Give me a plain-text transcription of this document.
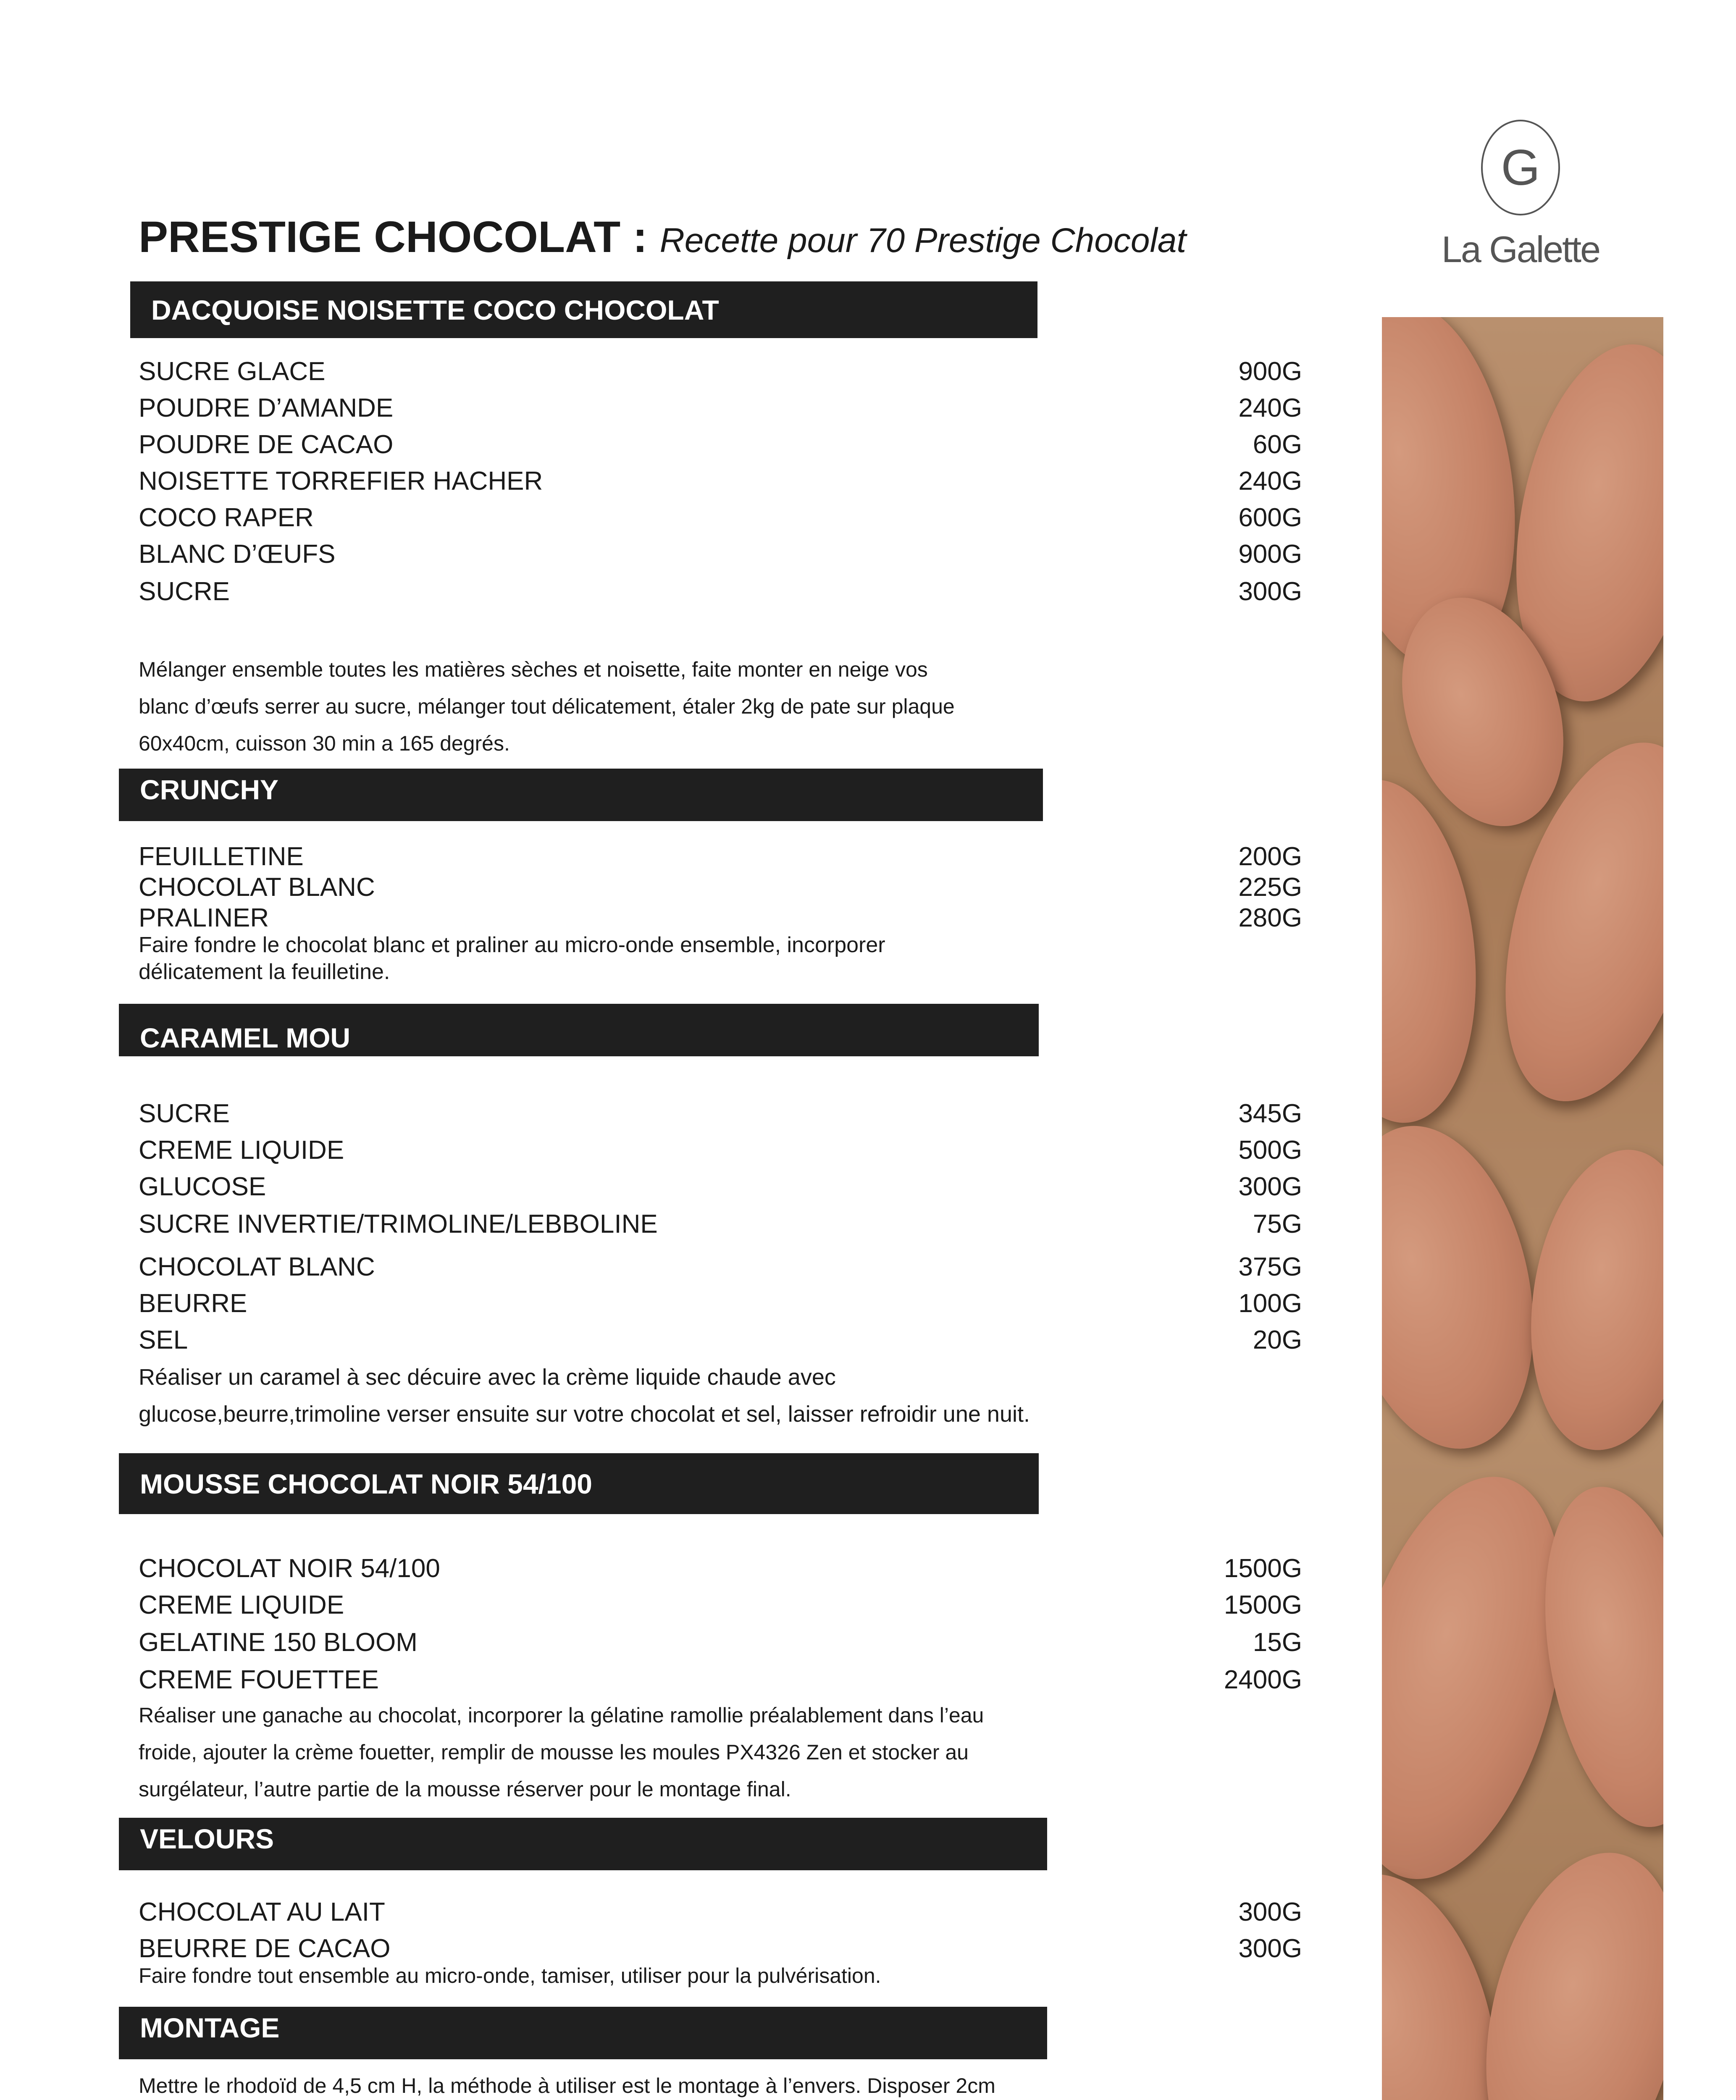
PRESTIGE CHOCOLAT : Recette pour 70 Prestige Chocolat
G
La Galette
DACQUOISE NOISETTE COCO CHOCOLAT
SUCRE GLACE	900G
POUDRE D’AMANDE	240G
POUDRE DE CACAO	60G
NOISETTE TORREFIER HACHER	240G
COCO RAPER	600G
BLANC D’ŒUFS	900G
SUCRE	300G
Mélanger ensemble toutes les matières sèches et noisette, faite monter en neige vos
blanc d’œufs serrer au sucre, mélanger tout délicatement, étaler 2kg de pate sur plaque
60x40cm, cuisson 30 min a 165 degrés.
CRUNCHY
FEUILLETINE	200G
CHOCOLAT BLANC	225G
PRALINER	280G
Faire fondre le chocolat blanc et praliner au micro-onde ensemble, incorporer
délicatement la feuilletine.
CARAMEL MOU
SUCRE	345G
CREME LIQUIDE	500G
GLUCOSE	300G
SUCRE INVERTIE/TRIMOLINE/LEBBOLINE	75G
CHOCOLAT BLANC	375G
BEURRE	100G
SEL	20G
Réaliser un caramel à sec décuire avec la crème liquide chaude avec
glucose,beurre,trimoline verser ensuite sur votre chocolat et sel, laisser refroidir une nuit.
MOUSSE CHOCOLAT NOIR 54/100
CHOCOLAT NOIR 54/100	1500G
CREME LIQUIDE	1500G
GELATINE 150 BLOOM	15G
CREME FOUETTEE	2400G
Réaliser une ganache au chocolat, incorporer la gélatine ramollie préalablement dans l’eau
froide, ajouter la crème fouetter, remplir de mousse les moules PX4326 Zen et stocker au
surgélateur, l’autre partie de la mousse réserver pour le montage final.
VELOURS
CHOCOLAT AU LAIT	300G
BEURRE DE CACAO	300G
Faire fondre tout ensemble au micro-onde, tamiser, utiliser pour la pulvérisation.
MONTAGE
Mettre le rhodoïd de 4,5 cm H, la méthode à utiliser est le montage à l’envers. Disposer 2cm
